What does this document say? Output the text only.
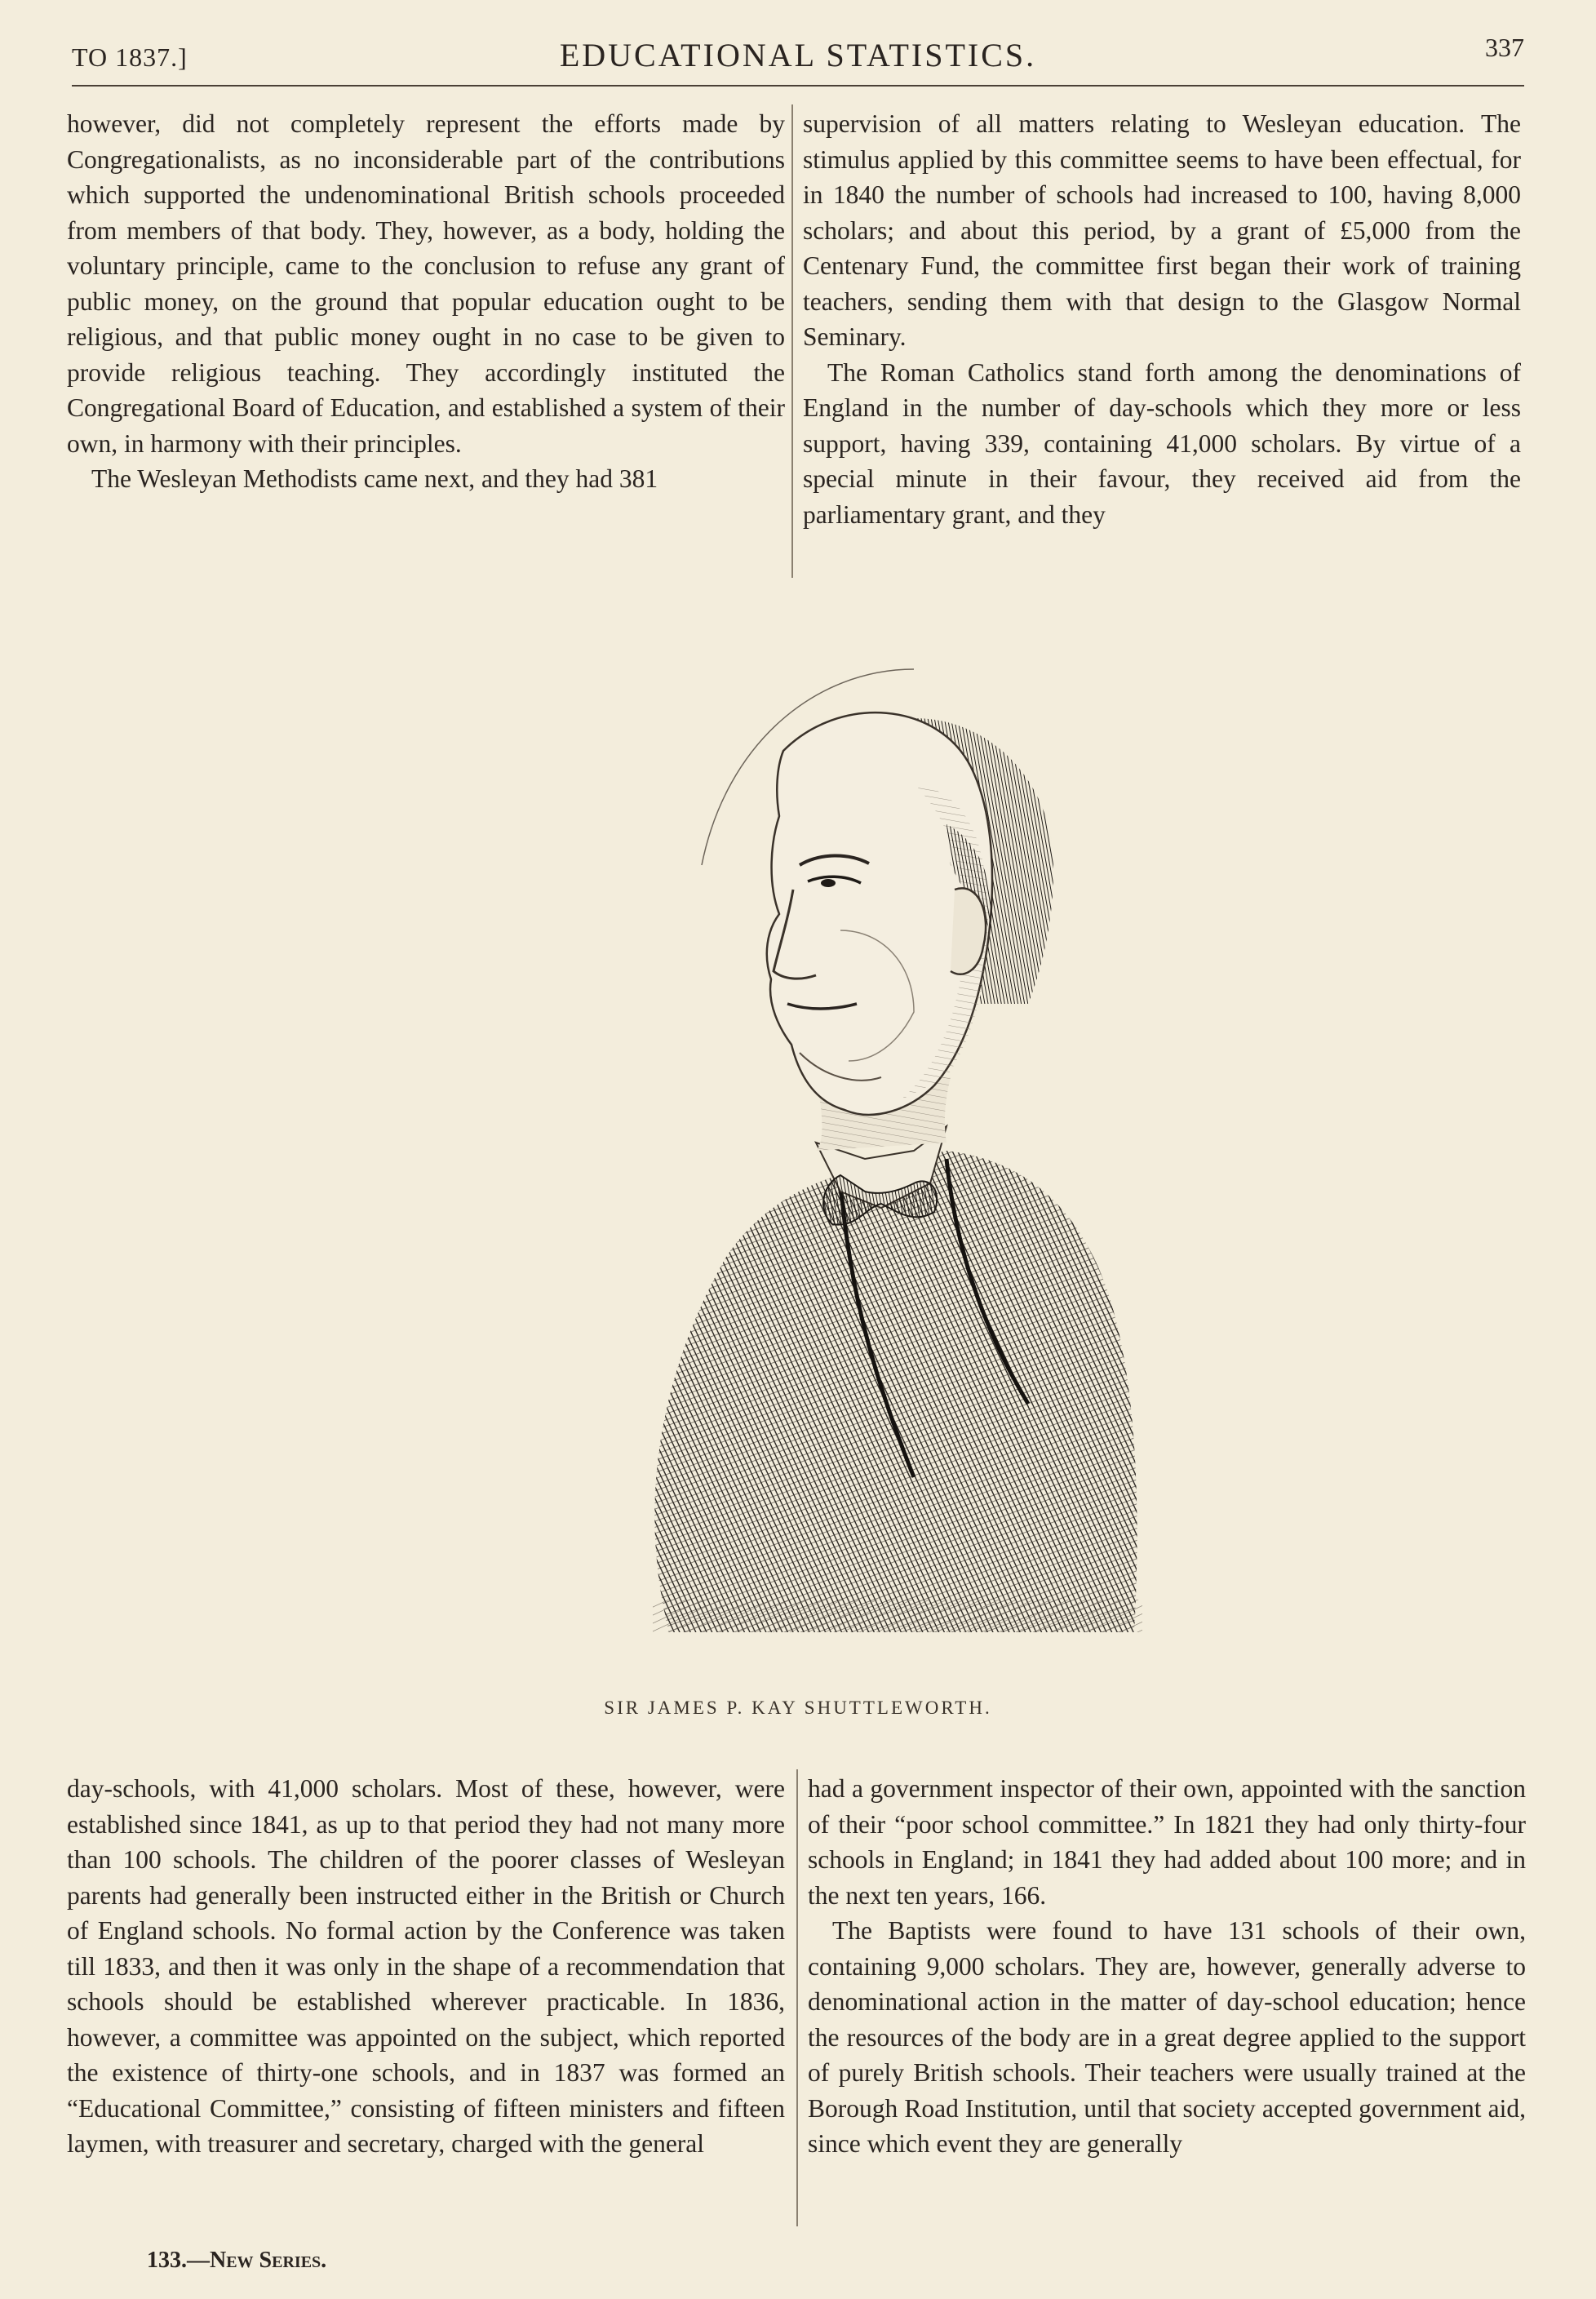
TO 1837.]	EDUCATIONAL STATISTICS.	337

however, did not completely represent the efforts made by Congregationalists, as no inconsiderable part of the contributions which supported the undenominational British schools proceeded from members of that body. They, however, as a body, holding the voluntary principle, came to the conclusion to refuse any grant of public money, on the ground that popular education ought to be religious, and that public money ought in no case to be given to provide religious teaching. They accordingly instituted the Congregational Board of Education, and established a system of their own, in harmony with their principles.

The Wesleyan Methodists came next, and they had 381

supervision of all matters relating to Wesleyan education. The stimulus applied by this committee seems to have been effectual, for in 1840 the number of schools had increased to 100, having 8,000 scholars; and about this period, by a grant of £5,000 from the Centenary Fund, the committee first began their work of training teachers, sending them with that design to the Glasgow Normal Seminary.

The Roman Catholics stand forth among the denominations of England in the number of day-schools which they more or less support, having 339, containing 41,000 scholars. By virtue of a special minute in their favour, they received aid from the parliamentary grant, and they

SIR JAMES P. KAY SHUTTLEWORTH.

day-schools, with 41,000 scholars. Most of these, however, were established since 1841, as up to that period they had not many more than 100 schools. The children of the poorer classes of Wesleyan parents had generally been instructed either in the British or Church of England schools. No formal action by the Conference was taken till 1833, and then it was only in the shape of a recommendation that schools should be established wherever practicable. In 1836, however, a committee was appointed on the subject, which reported the existence of thirty-one schools, and in 1837 was formed an “Educational Committee,” consisting of fifteen ministers and fifteen laymen, with treasurer and secretary, charged with the general

had a government inspector of their own, appointed with the sanction of their “poor school committee.” In 1821 they had only thirty-four schools in England; in 1841 they had added about 100 more; and in the next ten years, 166.

The Baptists were found to have 131 schools of their own, containing 9,000 scholars. They are, however, generally adverse to denominational action in the matter of day-school education; hence the resources of the body are in a great degree applied to the support of purely British schools. Their teachers were usually trained at the Borough Road Institution, until that society accepted government aid, since which event they are generally

133.—New Series.
